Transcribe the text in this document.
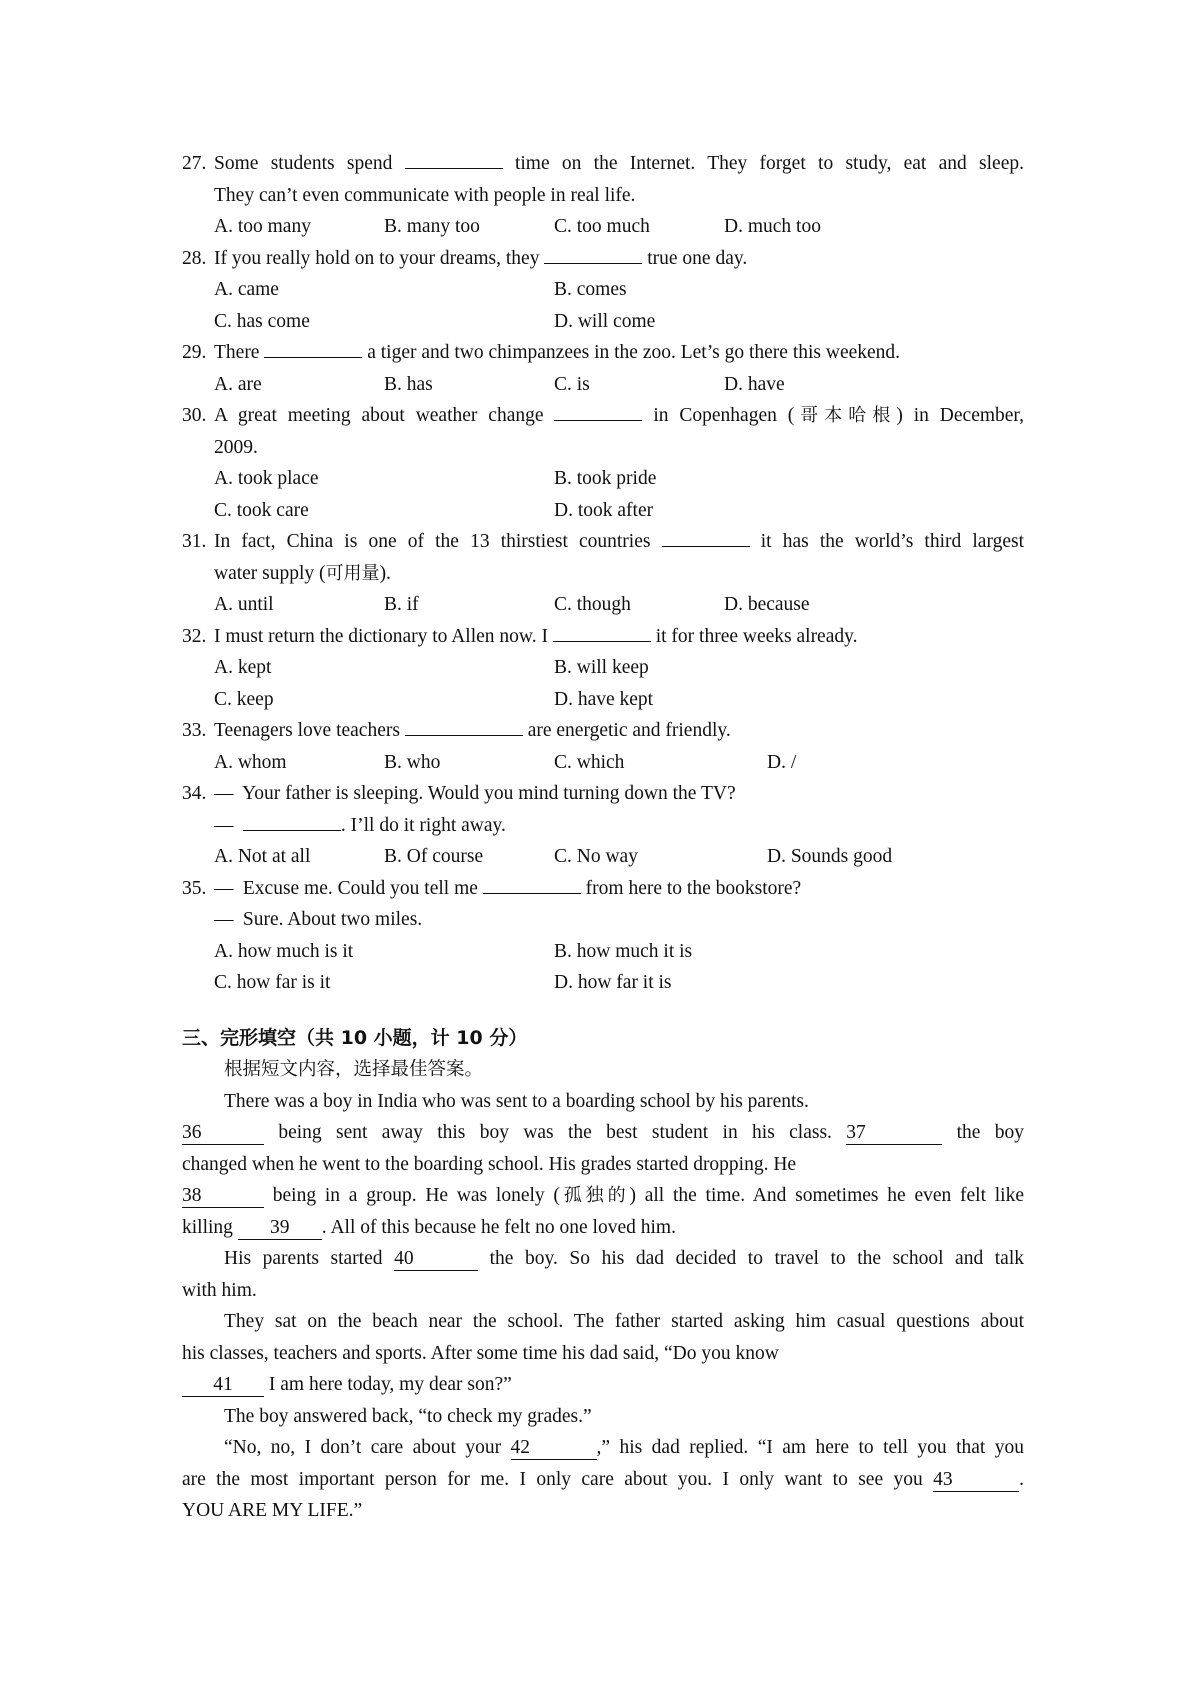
27. Some students spend	time on the Internet. They forget to study, eat and sleep.
They can’t even communicate with people in real life.
A. too many	B. many too	C. too much	D. much too
28. If you really hold on to your dreams, they	true one day.
A. came	B. comes
C. has come	D. will come
29. There	a tiger and two chimpanzees in the zoo. Let’s go there this weekend.
A. are	B. has	C. is	D. have
30. A great meeting about weather change	in Copenhagen (哥本哈根) in December,
2009.
A. took place	B. took pride
C. took care	D. took after
31. In fact, China is one of the 13 thirstiest countries	it has the world’s third largest
water supply (可用量).
A. until	B. if	C. though	D. because
32. I must return the dictionary to Allen now. I	it for three weeks already.
A. kept	B. will keep
C. keep	D. have kept
33. Teenagers love teachers	are energetic and friendly.
A. whom	B. who	C. which	D. /
34. — Your father is sleeping. Would you mind turning down the TV?
—	. I’ll do it right away.
A. Not at all	B. Of course	C. No way	D. Sounds good
35. — Excuse me. Could you tell me	from here to the bookstore?
— Sure. About two miles.
A. how much is it	B. how much it is
C. how far is it	D. how far it is
三、完形填空（共 10 小题，计 10 分）
根据短文内容，选择最佳答案。
There was a boy in India who was sent to a boarding school by his parents.
36	being sent away this boy was the best student in his class. 37	the boy
changed when he went to the boarding school. His grades started dropping. He
38	being in a group. He was lonely (孤独的) all the time. And sometimes he even felt like
killing 39 . All of this because he felt no one loved him.
His parents started 40	the boy. So his dad decided to travel to the school and talk
with him.
They sat on the beach near the school. The father started asking him casual questions about
his classes, teachers and sports. After some time his dad said, “Do you know
41 I am here today, my dear son?”
The boy answered back, “to check my grades.”
“No, no, I don’t care about your 42	,” his dad replied. “I am here to tell you that you
are the most important person for me. I only care about you. I only want to see you 43	.
YOU ARE MY LIFE.”
